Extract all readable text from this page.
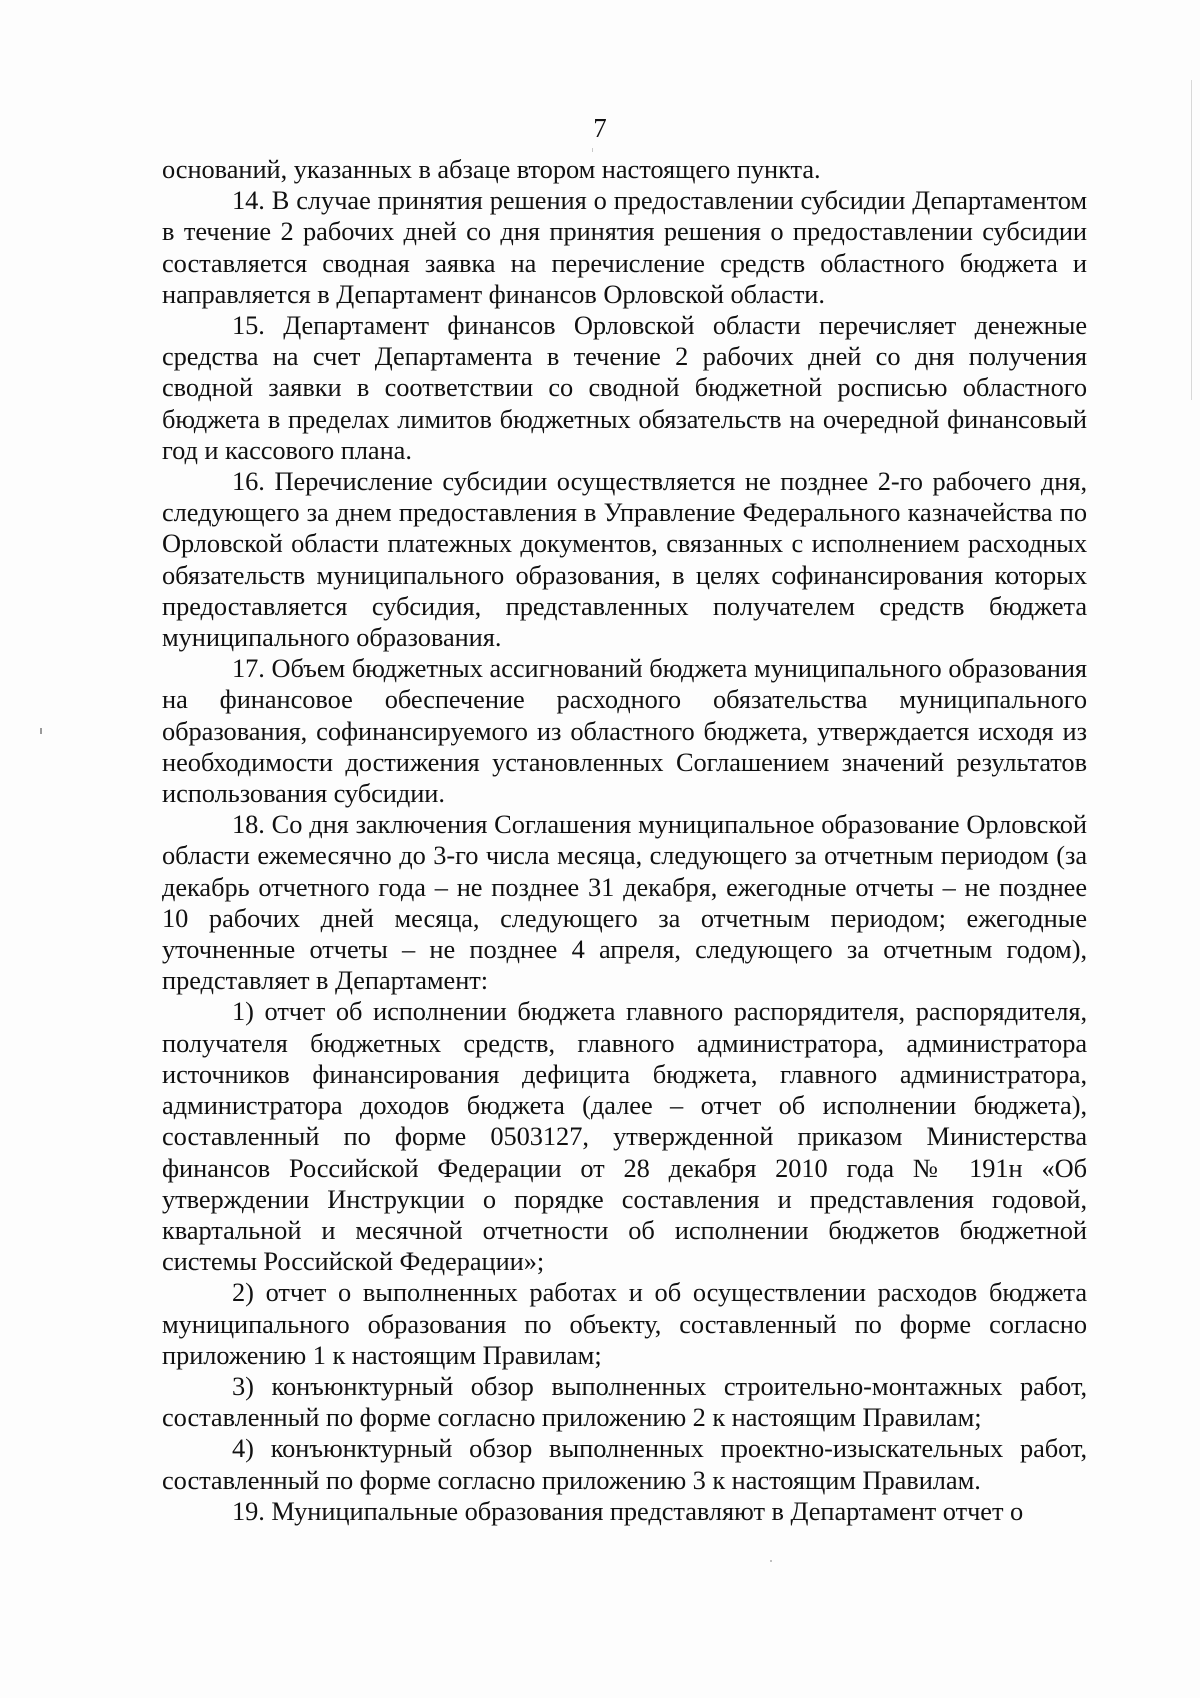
7

оснований, указанных в абзаце втором настоящего пункта.

14. В случае принятия решения о предоставлении субсидии Департаментом в течение 2 рабочих дней со дня принятия решения о предоставлении субсидии составляется сводная заявка на перечисление средств областного бюджета и направляется в Департамент финансов Орловской области.

15. Департамент финансов Орловской области перечисляет денежные средства на счет Департамента в течение 2 рабочих дней со дня получения сводной заявки в соответствии со сводной бюджетной росписью областного бюджета в пределах лимитов бюджетных обязательств на очередной финансовый год и кассового плана.

16. Перечисление субсидии осуществляется не позднее 2-го рабочего дня, следующего за днем предоставления в Управление Федерального казначейства по Орловской области платежных документов, связанных с исполнением расходных обязательств муниципального образования, в целях софинансирования которых предоставляется субсидия, представленных получателем средств бюджета муниципального образования.

17. Объем бюджетных ассигнований бюджета муниципального образования на финансовое обеспечение расходного обязательства муниципального образования, софинансируемого из областного бюджета, утверждается исходя из необходимости достижения установленных Соглашением значений результатов использования субсидии.

18. Со дня заключения Соглашения муниципальное образование Орловской области ежемесячно до 3-го числа месяца, следующего за отчетным периодом (за декабрь отчетного года – не позднее 31 декабря, ежегодные отчеты – не позднее 10 рабочих дней месяца, следующего за отчетным периодом; ежегодные уточненные отчеты – не позднее 4 апреля, следующего за отчетным годом), представляет в Департамент:

1) отчет об исполнении бюджета главного распорядителя, распорядителя, получателя бюджетных средств, главного администратора, администратора источников финансирования дефицита бюджета, главного администратора, администратора доходов бюджета (далее – отчет об исполнении бюджета), составленный по форме 0503127, утвержденной приказом Министерства финансов Российской Федерации от 28 декабря 2010 года № 191н «Об утверждении Инструкции о порядке составления и представления годовой, квартальной и месячной отчетности об исполнении бюджетов бюджетной системы Российской Федерации»;

2) отчет о выполненных работах и об осуществлении расходов бюджета муниципального образования по объекту, составленный по форме согласно приложению 1 к настоящим Правилам;

3) конъюнктурный обзор выполненных строительно-монтажных работ, составленный по форме согласно приложению 2 к настоящим Правилам;

4) конъюнктурный обзор выполненных проектно-изыскательных работ, составленный по форме согласно приложению 3 к настоящим Правилам.

19. Муниципальные образования представляют в Департамент отчет о
